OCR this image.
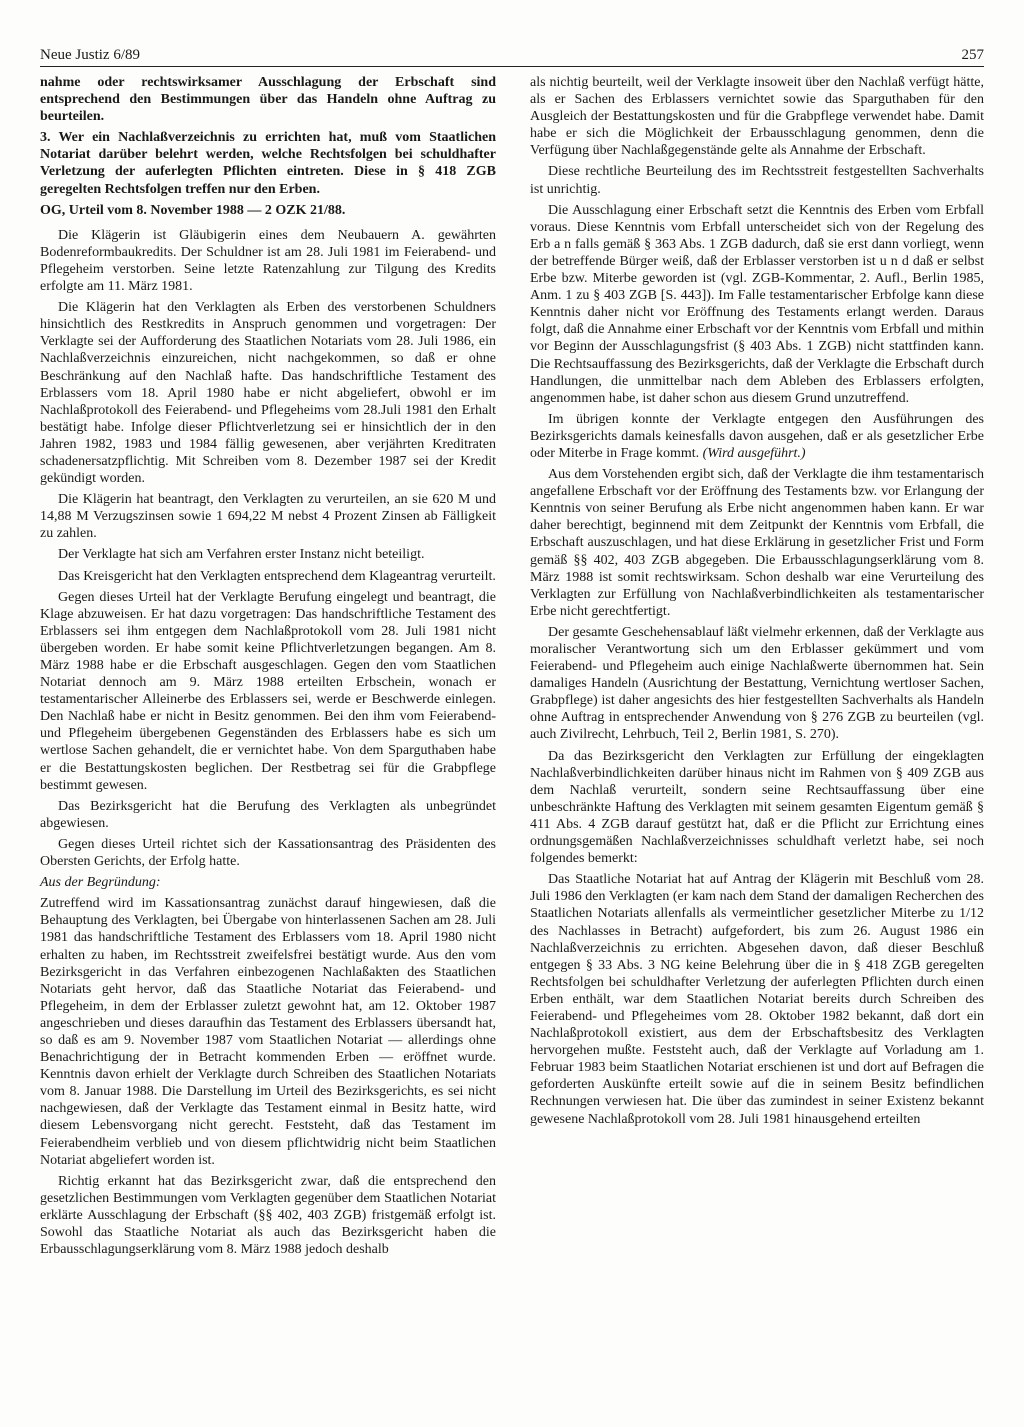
Neue Justiz 6/89	257

nahme oder rechtswirksamer Ausschlagung der Erbschaft sind entsprechend den Bestimmungen über das Handeln ohne Auftrag zu beurteilen.

3. Wer ein Nachlaßverzeichnis zu errichten hat, muß vom Staatlichen Notariat darüber belehrt werden, welche Rechtsfolgen bei schuldhafter Verletzung der auferlegten Pflichten eintreten. Diese in § 418 ZGB geregelten Rechtsfolgen treffen nur den Erben.

OG, Urteil vom 8. November 1988 — 2 OZK 21/88.

Die Klägerin ist Gläubigerin eines dem Neubauern A. gewährten Bodenreformbaukredits. Der Schuldner ist am 28. Juli 1981 im Feierabend- und Pflegeheim verstorben. Seine letzte Ratenzahlung zur Tilgung des Kredits erfolgte am 11. März 1981.

Die Klägerin hat den Verklagten als Erben des verstorbenen Schuldners hinsichtlich des Restkredits in Anspruch genommen und vorgetragen: Der Verklagte sei der Aufforderung des Staatlichen Notariats vom 28. Juli 1986, ein Nachlaßverzeichnis einzureichen, nicht nachgekommen, so daß er ohne Beschränkung auf den Nachlaß hafte. Das handschriftliche Testament des Erblassers vom 18. April 1980 habe er nicht abgeliefert, obwohl er im Nachlaßprotokoll des Feierabend- und Pflegeheims vom 28.Juli 1981 den Erhalt bestätigt habe. Infolge dieser Pflichtverletzung sei er hinsichtlich der in den Jahren 1982, 1983 und 1984 fällig gewesenen, aber verjährten Kreditraten schadenersatzpflichtig. Mit Schreiben vom 8. Dezember 1987 sei der Kredit gekündigt worden.

Die Klägerin hat beantragt, den Verklagten zu verurteilen, an sie 620 M und 14,88 M Verzugszinsen sowie 1 694,22 M nebst 4 Prozent Zinsen ab Fälligkeit zu zahlen.

Der Verklagte hat sich am Verfahren erster Instanz nicht beteiligt.

Das Kreisgericht hat den Verklagten entsprechend dem Klageantrag verurteilt.

Gegen dieses Urteil hat der Verklagte Berufung eingelegt und beantragt, die Klage abzuweisen. Er hat dazu vorgetragen: Das handschriftliche Testament des Erblassers sei ihm entgegen dem Nachlaßprotokoll vom 28. Juli 1981 nicht übergeben worden. Er habe somit keine Pflichtverletzungen begangen. Am 8. März 1988 habe er die Erbschaft ausgeschlagen. Gegen den vom Staatlichen Notariat dennoch am 9. März 1988 erteilten Erbschein, wonach er testamentarischer Alleinerbe des Erblassers sei, werde er Beschwerde einlegen. Den Nachlaß habe er nicht in Besitz genommen. Bei den ihm vom Feierabend- und Pflegeheim übergebenen Gegenständen des Erblassers habe es sich um wertlose Sachen gehandelt, die er vernichtet habe. Von dem Sparguthaben habe er die Bestattungskosten beglichen. Der Restbetrag sei für die Grabpflege bestimmt gewesen.

Das Bezirksgericht hat die Berufung des Verklagten als unbegründet abgewiesen.

Gegen dieses Urteil richtet sich der Kassationsantrag des Präsidenten des Obersten Gerichts, der Erfolg hatte.

Aus der Begründung:

Zutreffend wird im Kassationsantrag zunächst darauf hingewiesen, daß die Behauptung des Verklagten, bei Übergabe von hinterlassenen Sachen am 28. Juli 1981 das handschriftliche Testament des Erblassers vom 18. April 1980 nicht erhalten zu haben, im Rechtsstreit zweifelsfrei bestätigt wurde. Aus den vom Bezirksgericht in das Verfahren einbezogenen Nachlaßakten des Staatlichen Notariats geht hervor, daß das Staatliche Notariat das Feierabend- und Pflegeheim, in dem der Erblasser zuletzt gewohnt hat, am 12. Oktober 1987 angeschrieben und dieses daraufhin das Testament des Erblassers übersandt hat, so daß es am 9. November 1987 vom Staatlichen Notariat — allerdings ohne Benachrichtigung der in Betracht kommenden Erben — eröffnet wurde. Kenntnis davon erhielt der Verklagte durch Schreiben des Staatlichen Notariats vom 8. Januar 1988. Die Darstellung im Urteil des Bezirksgerichts, es sei nicht nachgewiesen, daß der Verklagte das Testament einmal in Besitz hatte, wird diesem Lebensvorgang nicht gerecht. Feststeht, daß das Testament im Feierabendheim verblieb und von diesem pflichtwidrig nicht beim Staatlichen Notariat abgeliefert worden ist.

Richtig erkannt hat das Bezirksgericht zwar, daß die entsprechend den gesetzlichen Bestimmungen vom Verklagten gegenüber dem Staatlichen Notariat erklärte Ausschlagung der Erbschaft (§§ 402, 403 ZGB) fristgemäß erfolgt ist. Sowohl das Staatliche Notariat als auch das Bezirksgericht haben die Erbausschlagungserklärung vom 8. März 1988 jedoch deshalb

als nichtig beurteilt, weil der Verklagte insoweit über den Nachlaß verfügt hätte, als er Sachen des Erblassers vernichtet sowie das Sparguthaben für den Ausgleich der Bestattungskosten und für die Grabpflege verwendet habe. Damit habe er sich die Möglichkeit der Erbausschlagung genommen, denn die Verfügung über Nachlaßgegenstände gelte als Annahme der Erbschaft.

Diese rechtliche Beurteilung des im Rechtsstreit festgestellten Sachverhalts ist unrichtig.

Die Ausschlagung einer Erbschaft setzt die Kenntnis des Erben vom Erbfall voraus. Diese Kenntnis vom Erbfall unterscheidet sich von der Regelung des Erb a n falls gemäß § 363 Abs. 1 ZGB dadurch, daß sie erst dann vorliegt, wenn der betreffende Bürger weiß, daß der Erblasser verstorben ist u n d daß er selbst Erbe bzw. Miterbe geworden ist (vgl. ZGB-Kommentar, 2. Aufl., Berlin 1985, Anm. 1 zu § 403 ZGB [S. 443]). Im Falle testamentarischer Erbfolge kann diese Kenntnis daher nicht vor Eröffnung des Testaments erlangt werden. Daraus folgt, daß die Annahme einer Erbschaft vor der Kenntnis vom Erbfall und mithin vor Beginn der Ausschlagungsfrist (§ 403 Abs. 1 ZGB) nicht stattfinden kann. Die Rechtsauffassung des Bezirksgerichts, daß der Verklagte die Erbschaft durch Handlungen, die unmittelbar nach dem Ableben des Erblassers erfolgten, angenommen habe, ist daher schon aus diesem Grund unzutreffend.

Im übrigen konnte der Verklagte entgegen den Ausführungen des Bezirksgerichts damals keinesfalls davon ausgehen, daß er als gesetzlicher Erbe oder Miterbe in Frage kommt. (Wird ausgeführt.)

Aus dem Vorstehenden ergibt sich, daß der Verklagte die ihm testamentarisch angefallene Erbschaft vor der Eröffnung des Testaments bzw. vor Erlangung der Kenntnis von seiner Berufung als Erbe nicht angenommen haben kann. Er war daher berechtigt, beginnend mit dem Zeitpunkt der Kenntnis vom Erbfall, die Erbschaft auszuschlagen, und hat diese Erklärung in gesetzlicher Frist und Form gemäß §§ 402, 403 ZGB abgegeben. Die Erbausschlagungserklärung vom 8. März 1988 ist somit rechtswirksam. Schon deshalb war eine Verurteilung des Verklagten zur Erfüllung von Nachlaßverbindlichkeiten als testamentarischer Erbe nicht gerechtfertigt.

Der gesamte Geschehensablauf läßt vielmehr erkennen, daß der Verklagte aus moralischer Verantwortung sich um den Erblasser gekümmert und vom Feierabend- und Pflegeheim auch einige Nachlaßwerte übernommen hat. Sein damaliges Handeln (Ausrichtung der Bestattung, Vernichtung wertloser Sachen, Grabpflege) ist daher angesichts des hier festgestellten Sachverhalts als Handeln ohne Auftrag in entsprechender Anwendung von § 276 ZGB zu beurteilen (vgl. auch Zivilrecht, Lehrbuch, Teil 2, Berlin 1981, S. 270).

Da das Bezirksgericht den Verklagten zur Erfüllung der eingeklagten Nachlaßverbindlichkeiten darüber hinaus nicht im Rahmen von § 409 ZGB aus dem Nachlaß verurteilt, sondern seine Rechtsauffassung über eine unbeschränkte Haftung des Verklagten mit seinem gesamten Eigentum gemäß § 411 Abs. 4 ZGB darauf gestützt hat, daß er die Pflicht zur Errichtung eines ordnungsgemäßen Nachlaßverzeichnisses schuldhaft verletzt habe, sei noch folgendes bemerkt:

Das Staatliche Notariat hat auf Antrag der Klägerin mit Beschluß vom 28. Juli 1986 den Verklagten (er kam nach dem Stand der damaligen Recherchen des Staatlichen Notariats allenfalls als vermeintlicher gesetzlicher Miterbe zu 1/12 des Nachlasses in Betracht) aufgefordert, bis zum 26. August 1986 ein Nachlaßverzeichnis zu errichten. Abgesehen davon, daß dieser Beschluß entgegen § 33 Abs. 3 NG keine Belehrung über die in § 418 ZGB geregelten Rechtsfolgen bei schuldhafter Verletzung der auferlegten Pflichten durch einen Erben enthält, war dem Staatlichen Notariat bereits durch Schreiben des Feierabend- und Pflegeheimes vom 28. Oktober 1982 bekannt, daß dort ein Nachlaßprotokoll existiert, aus dem der Erbschaftsbesitz des Verklagten hervorgehen mußte. Feststeht auch, daß der Verklagte auf Vorladung am 1. Februar 1983 beim Staatlichen Notariat erschienen ist und dort auf Befragen die geforderten Auskünfte erteilt sowie auf die in seinem Besitz befindlichen Rechnungen verwiesen hat. Die über das zumindest in seiner Existenz bekannt gewesene Nachlaßprotokoll vom 28. Juli 1981 hinausgehend erteilten
